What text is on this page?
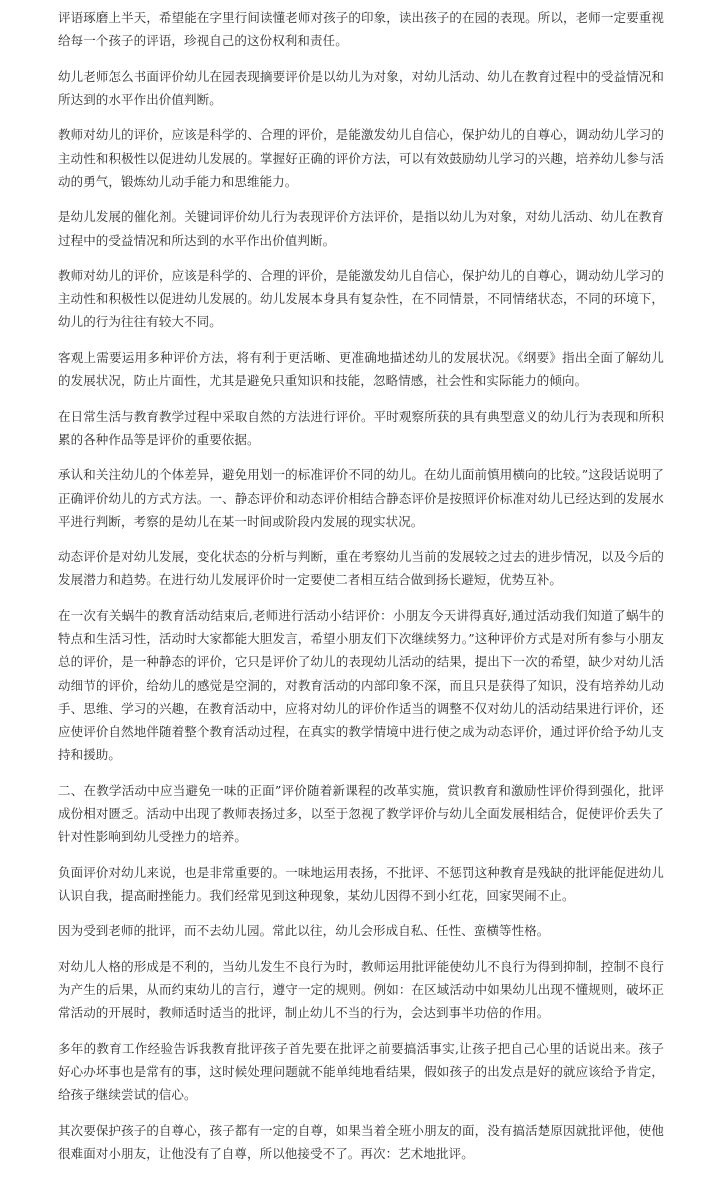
评语琢磨上半天，希望能在字里行间读懂老师对孩子的印象，读出孩子的在园的表现。所以，老师一定要重视给每一个孩子的评语，珍视自己的这份权利和责任。

幼儿老师怎么书面评价幼儿在园表现摘要评价是以幼儿为对象，对幼儿活动、幼儿在教育过程中的受益情况和所达到的水平作出价值判断。

教师对幼儿的评价，应该是科学的、合理的评价，是能激发幼儿自信心，保护幼儿的自尊心，调动幼儿学习的主动性和积极性以促进幼儿发展的。掌握好正确的评价方法，可以有效鼓励幼儿学习的兴趣，培养幼儿参与活动的勇气，锻炼幼儿动手能力和思维能力。

是幼儿发展的催化剂。关键词评价幼儿行为表现评价方法评价，是指以幼儿为对象，对幼儿活动、幼儿在教育过程中的受益情况和所达到的水平作出价值判断。

教师对幼儿的评价，应该是科学的、合理的评价，是能激发幼儿自信心，保护幼儿的自尊心，调动幼儿学习的主动性和积极性以促进幼儿发展的。幼儿发展本身具有复杂性，在不同情景，不同情绪状态，不同的环境下，幼儿的行为往往有较大不同。

客观上需要运用多种评价方法，将有利于更活晰、更准确地描述幼儿的发展状况。《纲要》指出全面了解幼儿的发展状况，防止片面性，尤其是避免只重知识和技能，忽略情感，社会性和实际能力的倾向。

在日常生活与教育教学过程中采取自然的方法进行评价。平时观察所获的具有典型意义的幼儿行为表现和所积累的各种作品等是评价的重要依据。

承认和关注幼儿的个体差异，避免用划一的标准评价不同的幼儿。在幼儿面前慎用横向的比较。”这段话说明了正确评价幼儿的方式方法。一、静态评价和动态评价相结合静态评价是按照评价标准对幼儿已经达到的发展水平进行判断，考察的是幼儿在某一时间或阶段内发展的现实状况。

动态评价是对幼儿发展，变化状态的分析与判断，重在考察幼儿当前的发展较之过去的进步情况，以及今后的发展潜力和趋势。在进行幼儿发展评价时一定要使二者相互结合做到扬长避短，优势互补。

在一次有关蜗牛的教育活动结束后,老师进行活动小结评价：小朋友今天讲得真好,通过活动我们知道了蜗牛的特点和生活习性，活动时大家都能大胆发言，希望小朋友们下次继续努力。”这种评价方式是对所有参与小朋友总的评价，是一种静态的评价，它只是评价了幼儿的表现幼儿活动的结果，提出下一次的希望，缺少对幼儿活动细节的评价，给幼儿的感觉是空洞的，对教育活动的内部印象不深，而且只是获得了知识，没有培养幼儿动手、思维、学习的兴趣，在教育活动中，应将对幼儿的评价作适当的调整不仅对幼儿的活动结果进行评价，还应使评价自然地伴随着整个教育活动过程，在真实的教学情境中进行使之成为动态评价，通过评价给予幼儿支持和援助。

二、在教学活动中应当避免一味的正面”评价随着新课程的改革实施，赏识教育和激励性评价得到强化，批评成份相对匮乏。活动中出现了教师表扬过多，以至于忽视了教学评价与幼儿全面发展相结合，促使评价丢失了针对性影响到幼儿受挫力的培养。

负面评价对幼儿来说，也是非常重要的。一味地运用表扬，不批评、不惩罚这种教育是残缺的批评能促进幼儿认识自我，提高耐挫能力。我们经常见到这种现象，某幼儿因得不到小红花，回家哭闹不止。

因为受到老师的批评，而不去幼儿园。常此以往，幼儿会形成自私、任性、蛮横等性格。

对幼儿人格的形成是不利的，当幼儿发生不良行为时，教师运用批评能使幼儿不良行为得到抑制，控制不良行为产生的后果，从而约束幼儿的言行，遵守一定的规则。例如：在区域活动中如果幼儿出现不懂规则，破坏正常活动的开展时，教师适时适当的批评，制止幼儿不当的行为，会达到事半功倍的作用。

多年的教育工作经验告诉我教育批评孩子首先要在批评之前要搞活事实,让孩子把自己心里的话说出来。孩子好心办坏事也是常有的事，这时候处理问题就不能单纯地看结果，假如孩子的出发点是好的就应该给予肯定，给孩子继续尝试的信心。

其次要保护孩子的自尊心，孩子都有一定的自尊，如果当着全班小朋友的面，没有搞活楚原因就批评他，使他很难面对小朋友，让他没有了自尊，所以他接受不了。再次：艺术地批评。
